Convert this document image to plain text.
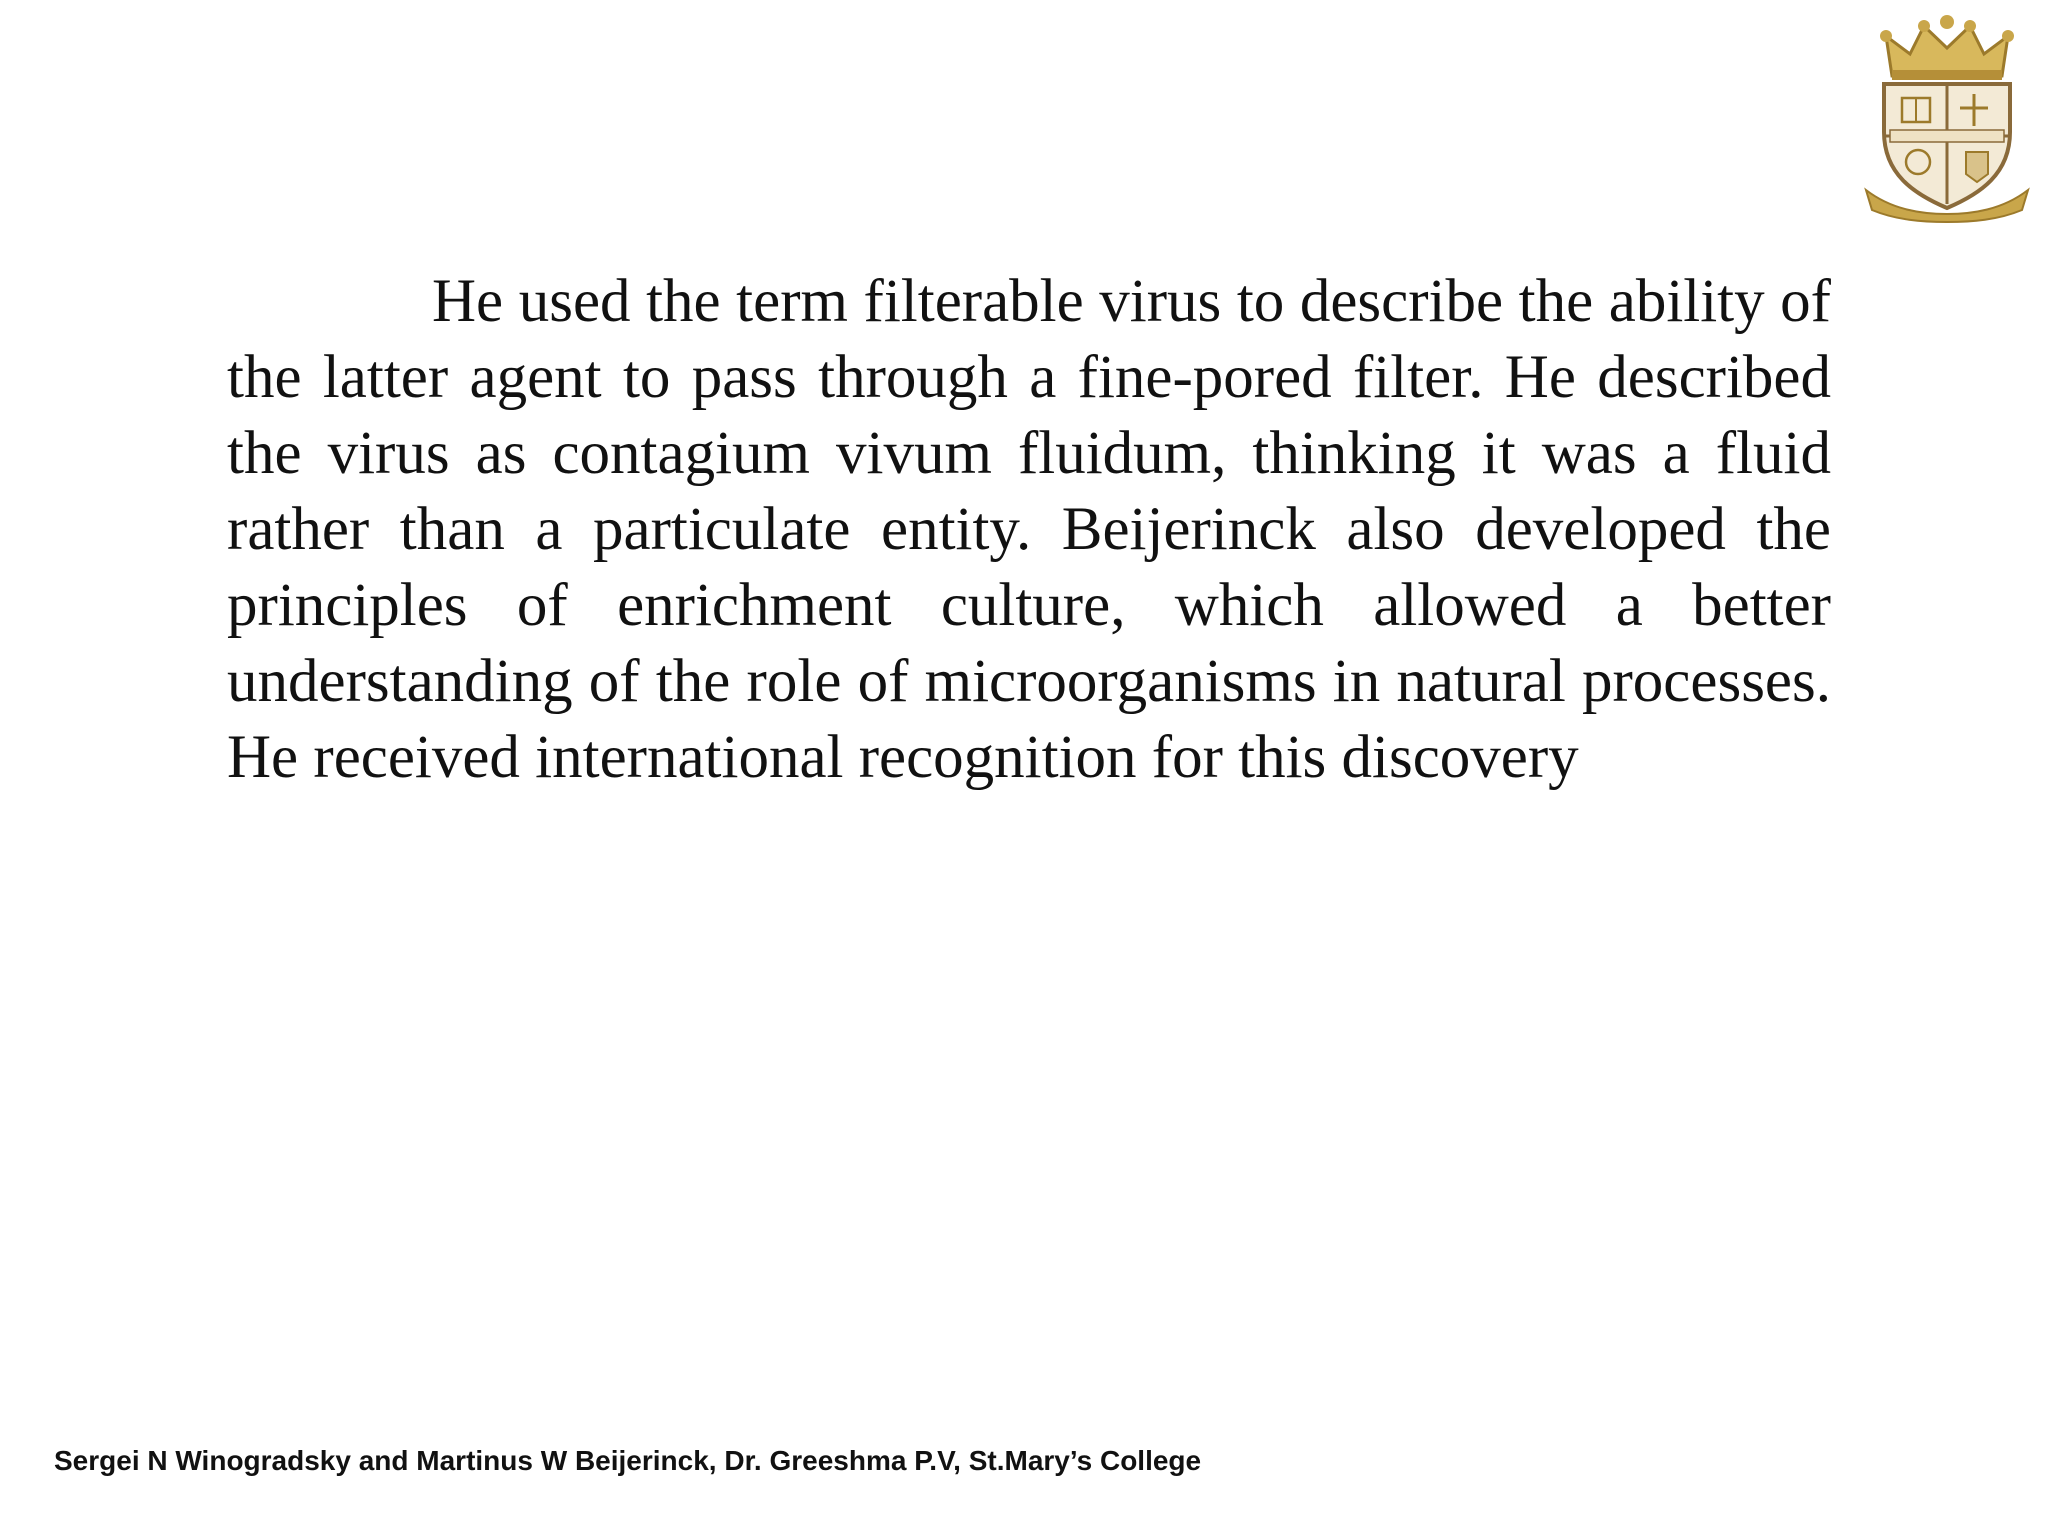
He used the term filterable virus to describe the ability of the latter agent to pass through a fine-pored filter. He described the virus as contagium vivum fluidum, thinking it was a fluid rather than a particulate entity. Beijerinck also developed the principles of enrichment culture, which allowed a better understanding of the role of microorganisms in natural processes. He received international recognition for this discovery

Sergei N Winogradsky and Martinus W Beijerinck, Dr. Greeshma P.V, St.Mary’s College
